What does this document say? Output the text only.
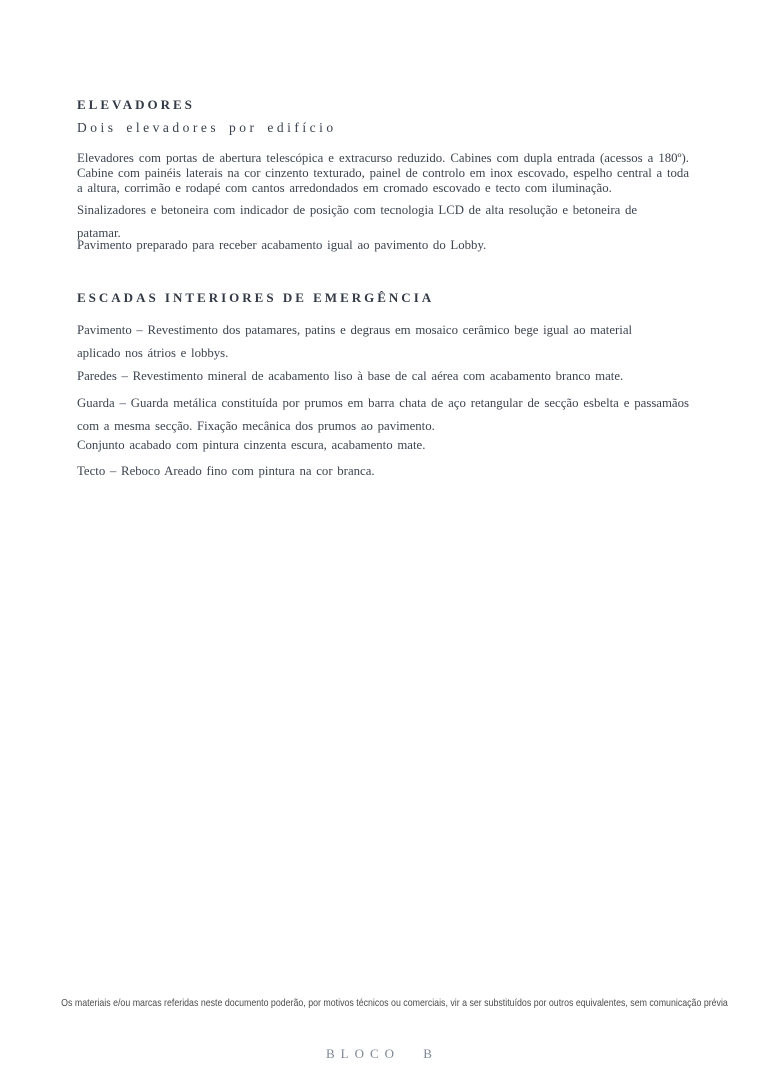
ELEVADORES
Dois elevadores por edifício

Elevadores com portas de abertura telescópica e extracurso reduzido. Cabines com dupla entrada (acessos a 180º). Cabine com painéis laterais na cor cinzento texturado, painel de controlo em inox escovado, espelho central a toda a altura, corrimão e rodapé com cantos arredondados em cromado escovado e tecto com iluminação.

Sinalizadores e betoneira com indicador de posição com tecnologia LCD de alta resolução e betoneira de patamar.

Pavimento preparado para receber acabamento igual ao pavimento do Lobby.

ESCADAS INTERIORES DE EMERGÊNCIA

Pavimento – Revestimento dos patamares, patins e degraus em mosaico cerâmico bege igual ao material aplicado nos átrios e lobbys.

Paredes – Revestimento mineral de acabamento liso à base de cal aérea com acabamento branco mate.

Guarda – Guarda metálica constituída por prumos em barra chata de aço retangular de secção esbelta e passamãos com a mesma secção. Fixação mecânica dos prumos ao pavimento.

Conjunto acabado com pintura cinzenta escura, acabamento mate.

Tecto – Reboco Areado fino com pintura na cor branca.

Os materiais e/ou marcas referidas neste documento poderão, por motivos técnicos ou comerciais, vir a ser substituídos por outros equivalentes, sem comunicação prévia
BLOCO B
